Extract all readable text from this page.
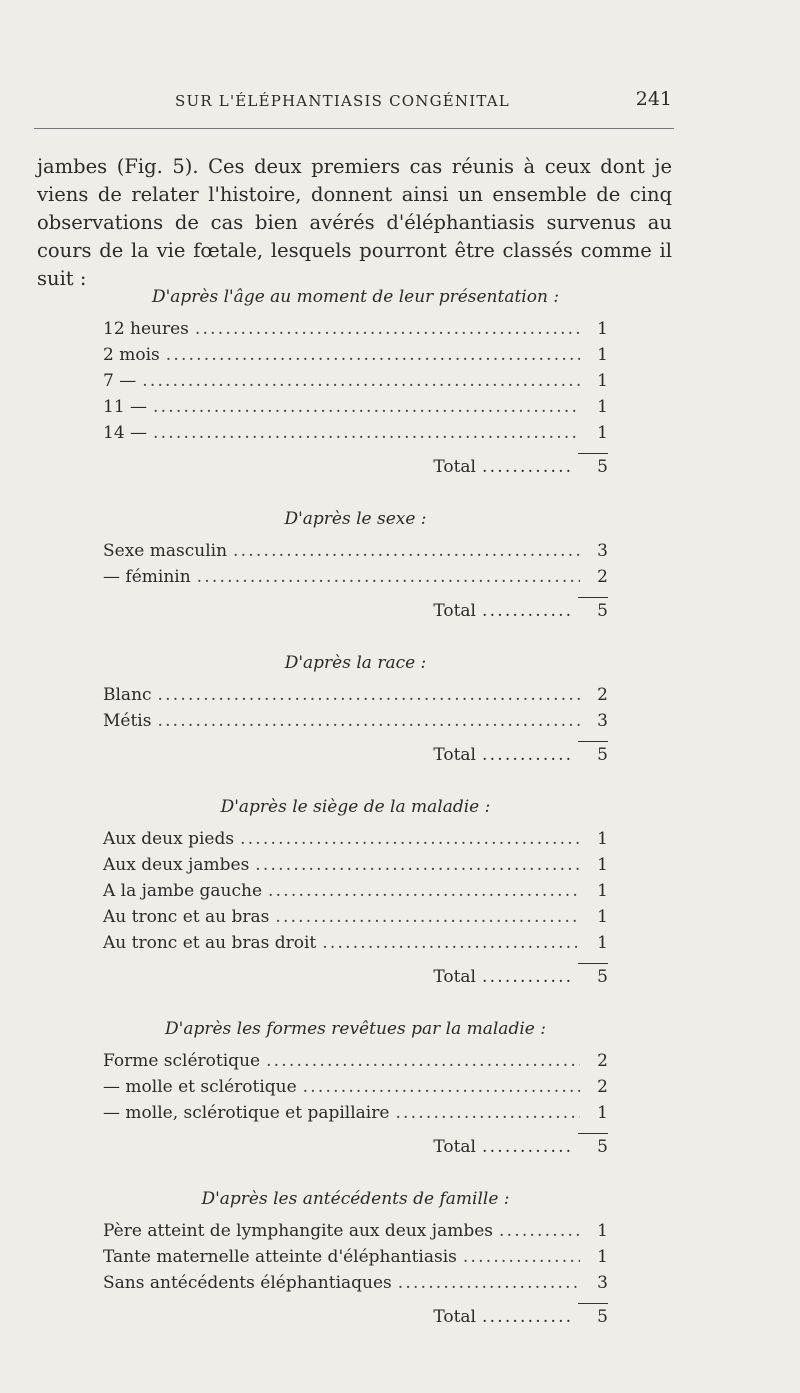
SUR L'ÉLÉPHANTIASIS CONGÉNITAL	241

jambes (Fig. 5). Ces deux premiers cas réunis à ceux dont je viens de relater l'histoire, donnent ainsi un ensemble de cinq observations de cas bien avérés d'éléphantiasis survenus au cours de la vie fœtale, lesquels pourront être classés comme il suit :

D'après l'âge au moment de leur présentation :
12 heures . . .	1
2 mois . . .	1
7 — . . .	1
11 — . . .	1
14 — . . .	1
Total . . .	5
D'après le sexe :
Sexe masculin . . .	3
— féminin . . .	2
Total . . .	5
D'après la race :
Blanc . . .	2
Métis . . .	3
Total . . .	5
D'après le siège de la maladie :
Aux deux pieds . . .	1
Aux deux jambes . . .	1
A la jambe gauche . . .	1
Au tronc et au bras . . .	1
Au tronc et au bras droit . . .	1
Total . . .	5
D'après les formes revêtues par la maladie :
Forme sclérotique . . .	2
— molle et sclérotique . . .	2
— molle, sclérotique et papillaire . . .	1
Total . . .	5
D'après les antécédents de famille :
Père atteint de lymphangite aux deux jambes . . .	1
Tante maternelle atteinte d'éléphantiasis . . .	1
Sans antécédents éléphantiaques . . .	3
Total . . .	5
